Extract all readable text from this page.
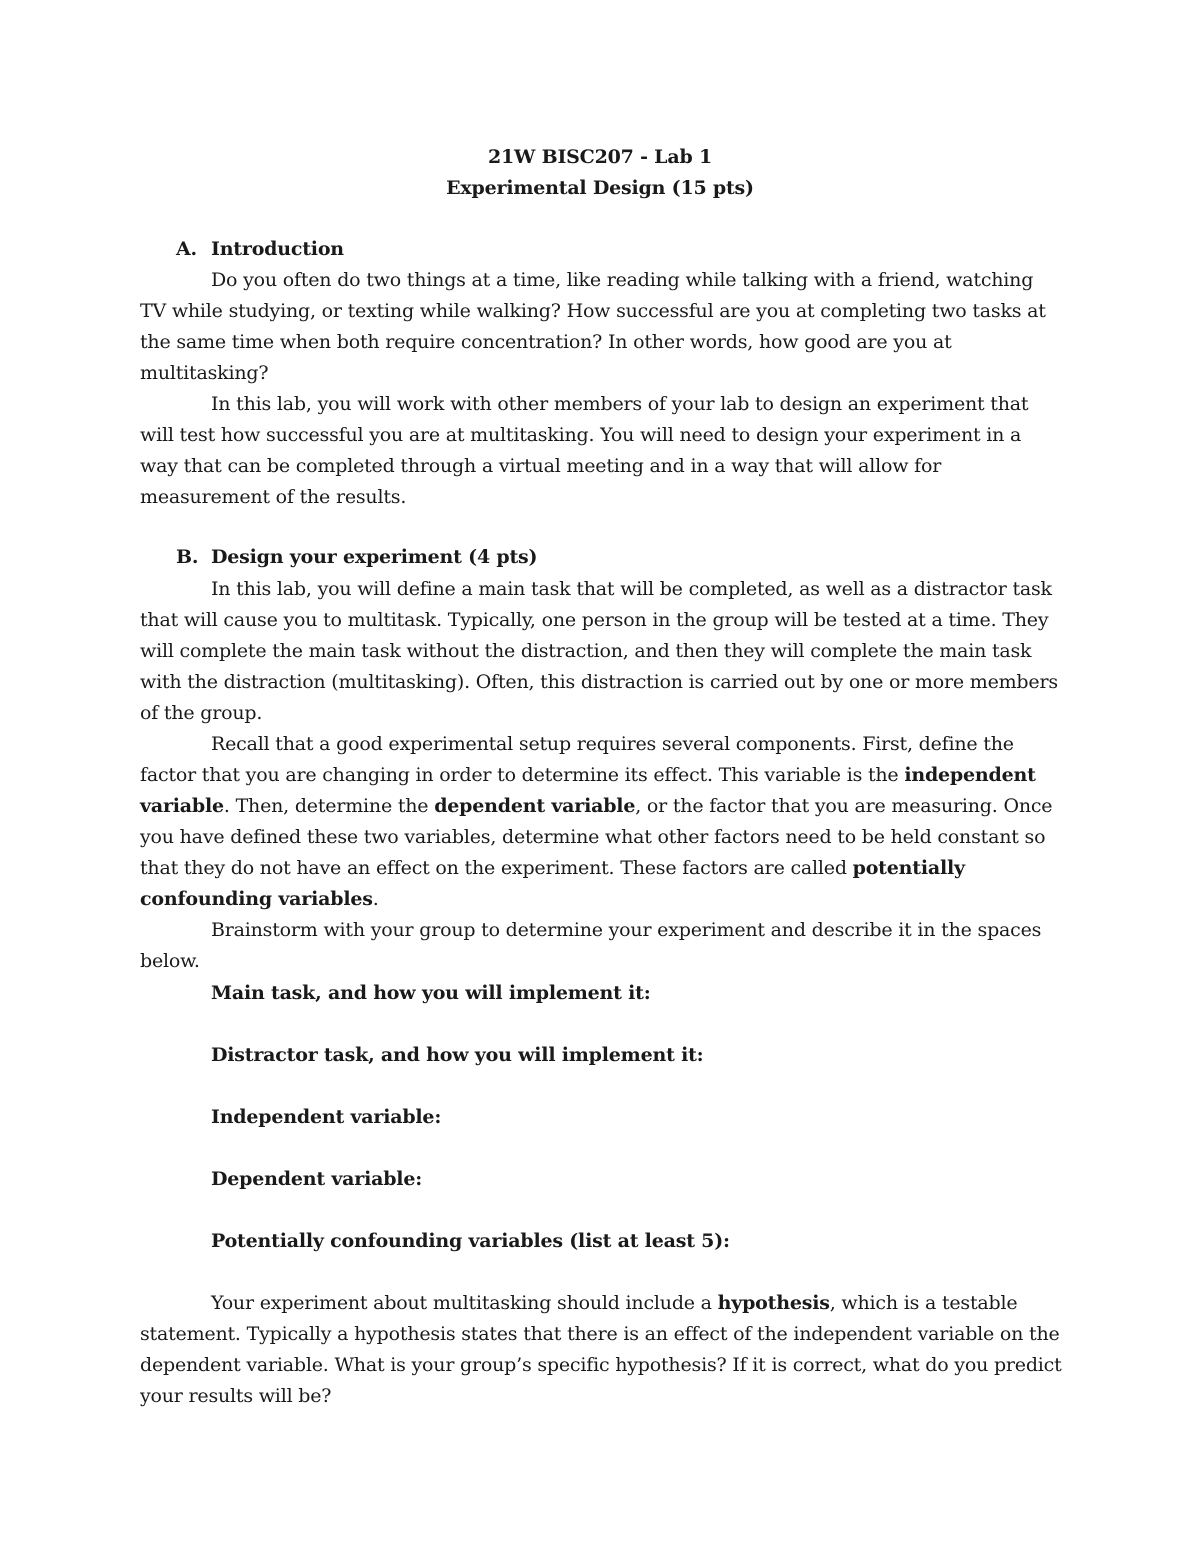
21W BISC207 - Lab 1
Experimental Design (15 pts)
A. Introduction
Do you often do two things at a time, like reading while talking with a friend, watching
TV while studying, or texting while walking? How successful are you at completing two tasks at
the same time when both require concentration? In other words, how good are you at
multitasking?
In this lab, you will work with other members of your lab to design an experiment that
will test how successful you are at multitasking. You will need to design your experiment in a
way that can be completed through a virtual meeting and in a way that will allow for
measurement of the results.
B. Design your experiment (4 pts)
In this lab, you will define a main task that will be completed, as well as a distractor task
that will cause you to multitask. Typically, one person in the group will be tested at a time. They
will complete the main task without the distraction, and then they will complete the main task
with the distraction (multitasking). Often, this distraction is carried out by one or more members
of the group.
Recall that a good experimental setup requires several components. First, define the
factor that you are changing in order to determine its effect. This variable is the independent
variable. Then, determine the dependent variable, or the factor that you are measuring. Once
you have defined these two variables, determine what other factors need to be held constant so
that they do not have an effect on the experiment. These factors are called potentially
confounding variables.
Brainstorm with your group to determine your experiment and describe it in the spaces
below.
Main task, and how you will implement it:
Distractor task, and how you will implement it:
Independent variable:
Dependent variable:
Potentially confounding variables (list at least 5):
Your experiment about multitasking should include a hypothesis, which is a testable
statement. Typically a hypothesis states that there is an effect of the independent variable on the
dependent variable. What is your group’s specific hypothesis? If it is correct, what do you predict
your results will be?
